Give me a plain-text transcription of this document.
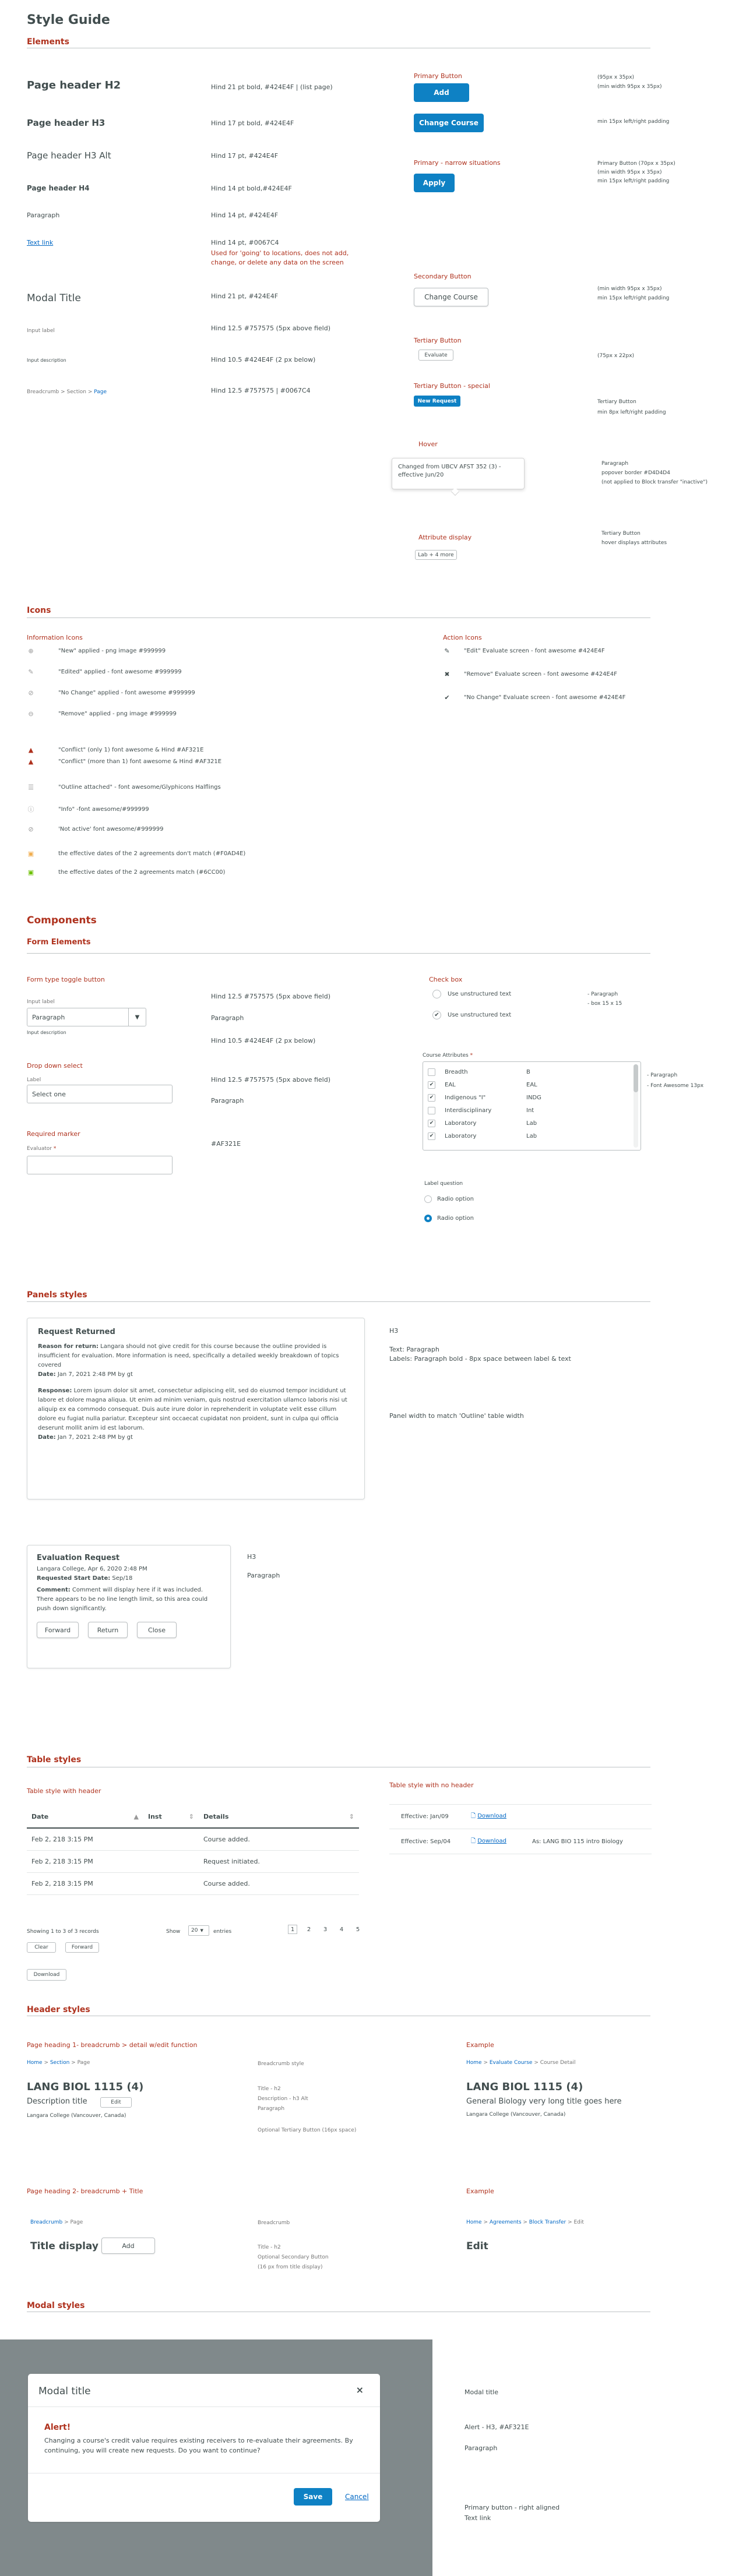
Style Guide
Elements
Page header H2	Hind 21 pt bold, #424E4F | (list page)
Page header H3	Hind 17 pt bold, #424E4F
Page header H3 Alt	Hind 17 pt, #424E4F
Page header H4	Hind 14 pt bold,#424E4F
Paragraph	Hind 14 pt, #424E4F
Text link	Hind 14 pt, #0067C4
Used for 'going' to locations, does not add, change, or delete any data on the screen
Modal Title	Hind 21 pt, #424E4F
Input label	Hind 12.5 #757575 (5px above field)
Input description	Hind 10.5 #424E4F (2 px below)
Breadcrumb > Section > Page	Hind 12.5 #757575 | #0067C4
Primary Button
Add
(95px x 35px)
(min width 95px x 35px)
Change Course	min 15px left/right padding
Primary - narrow situations
Apply
Primary Button (70px x 35px)
(min width 95px x 35px)
min 15px left/right padding
Secondary Button
Change Course
(min width 95px x 35px)
min 15px left/right padding
Tertiary Button
Evaluate	(75px x 22px)
Tertiary Button - special
New Request	Tertiary Button
min 8px left/right padding
Hover
Changed from UBCV AFST 352 (3) - effective Jun/20
Paragraph
popover border #D4D4D4
(not applied to Block transfer "inactive")
Attribute display
Lab + 4 more
Tertiary Button
hover displays attributes
Icons
Information Icons	Action Icons
⊕	"New" applied - png image #999999
✎	"Edited" applied - font awesome #999999
⊘	"No Change" applied - font awesome #999999
⊖	"Remove" applied - png image #999999
▲	"Conflict" (only 1) font awesome & Hind #AF321E
▲	"Conflict" (more than 1) font awesome & Hind #AF321E
☰	"Outline attached" - font awesome/Glyphicons Halflings
ⓘ	"Info" -font awesome/#999999
⊘	'Not active' font awesome/#999999
▣	the effective dates of the 2 agreements don't match (#F0AD4E)
▣	the effective dates of the 2 agreements match (#6CC00)
✎ "Edit" Evaluate screen - font awesome #424E4F
✖ "Remove" Evaluate screen - font awesome #424E4F
✔ "No Change" Evaluate screen - font awesome #424E4F
Components
Form Elements
Form type toggle button
Input label
Paragraph	▼
Input description
Hind 12.5 #757575 (5px above field)
Paragraph
Hind 10.5 #424E4F (2 px below)
Drop down select
Label
Select one
Hind 12.5 #757575 (5px above field)
Paragraph
Required marker
Evaluator *
#AF321E
Check box
Use unstructured text
✔	Use unstructured text
- Paragraph
- box 15 x 15
Course Attributes *
Breadth	B
✔ EAL	EAL
✔ Indigenous "I"	INDG
Interdisciplinary	Int
✔ Laboratory	Lab
✔ Laboratory	Lab
- Paragraph
- Font Awesome 13px
Label question
Radio option
Radio option
Panels styles
Request Returned
Reason for return: Langara should not give credit for this course because the outline provided is insufficient for evaluation. More information is need, specifically a detailed weekly breakdown of topics covered
Date: Jan 7, 2021 2:48 PM by gt
Response: Lorem ipsum dolor sit amet, consectetur adipiscing elit, sed do eiusmod tempor incididunt ut labore et dolore magna aliqua. Ut enim ad minim veniam, quis nostrud exercitation ullamco laboris nisi ut aliquip ex ea commodo consequat. Duis aute irure dolor in reprehenderit in voluptate velit esse cillum dolore eu fugiat nulla pariatur. Excepteur sint occaecat cupidatat non proident, sunt in culpa qui officia deserunt mollit anim id est laborum.
Date: Jan 7, 2021 2:48 PM by gt
H3
Text: Paragraph
Labels: Paragraph bold - 8px space between label & text
Panel width to match 'Outline' table width
Evaluation Request
Langara College, Apr 6, 2020 2:48 PM
Requested Start Date: Sep/18
Comment: Comment will display here if it was included. There appears to be no line length limit, so this area could push down significantly.
Forward	Return	Close
H3
Paragraph
Table styles
Table style with header
Table style with no header
Date ▲	Inst ⇕	Details ⇕

Feb 2, 218 3:15 PM		Course added.
Feb 2, 218 3:15 PM		Request initiated.
Feb 2, 218 3:15 PM		Course added.
Showing 1 to 3 of 3 records	Show 20 ▼ entries	1	2	3	4	5
Clear	Forward
Download
Effective: Jan/09	🗋 Download
Effective: Sep/04	🗋 Download	As: LANG BIO 115 intro Biology
Header styles
Page heading 1- breadcrumb > detail w/edit function
Home > Section > Page
LANG BIOL 1115 (4)
Description title	Edit
Langara College (Vancouver, Canada)
Breadcrumb style
Title - h2
Description - h3 Alt
Paragraph
Optional Tertiary Button (16px space)
Example
Home > Evaluate Course > Course Detail
LANG BIOL 1115 (4)
General Biology very long title goes here
Langara College (Vancouver, Canada)
Page heading 2- breadcrumb + Title
Breadcrumb > Page
Title display	Add
Breadcrumb
Title - h2
Optional Secondary Button
(16 px from title display)
Example
Home > Agreements > Block Transfer > Edit
Edit
Modal styles
Modal title	×
Alert!
Changing a course's credit value requires existing receivers to re-evaluate their agreements. By continuing, you will create new requests. Do you want to continue?
Save	Cancel
Modal title
Alert - H3, #AF321E
Paragraph
Primary button - right aligned
Text link
